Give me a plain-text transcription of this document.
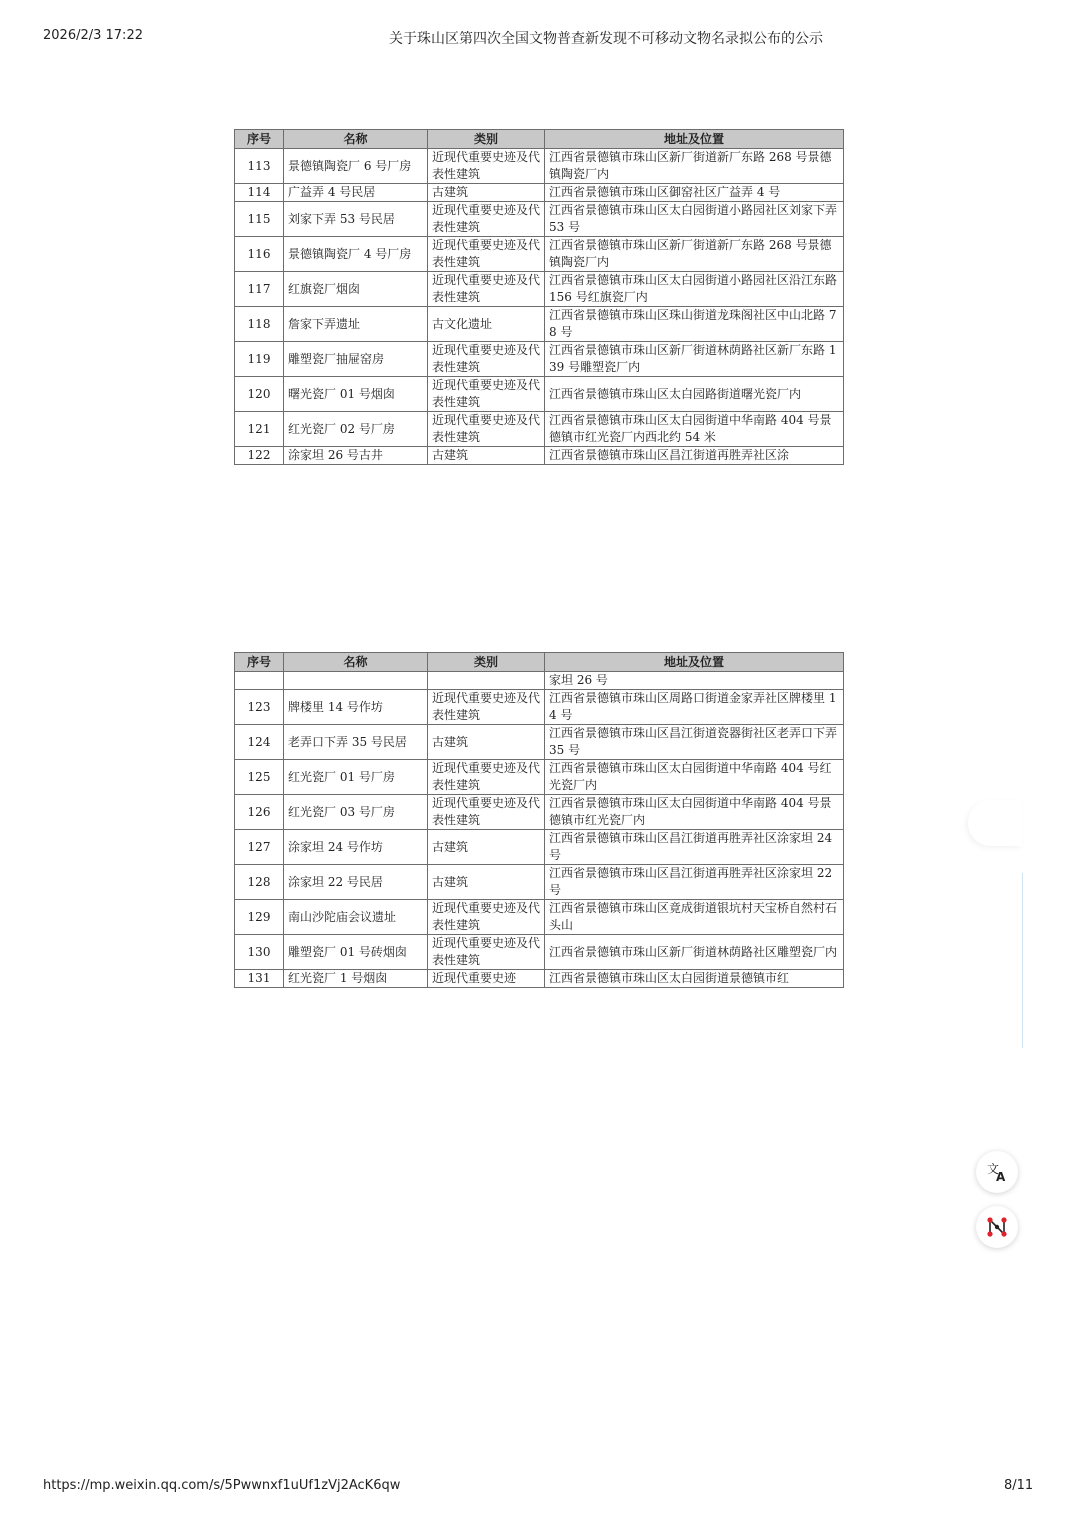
2026/2/3 17:22	关于珠山区第四次全国文物普查新发现不可移动文物名录拟公布的公示
序号	名称	类别	地址及位置
113	景德镇陶瓷厂 6 号厂房	近现代重要史迹及代表性建筑	江西省景德镇市珠山区新厂街道新厂东路 268 号景德镇陶瓷厂内
114	广益弄 4 号民居	古建筑	江西省景德镇市珠山区御窑社区广益弄 4 号
115	刘家下弄 53 号民居	近现代重要史迹及代表性建筑	江西省景德镇市珠山区太白园街道小路园社区刘家下弄 53 号
116	景德镇陶瓷厂 4 号厂房	近现代重要史迹及代表性建筑	江西省景德镇市珠山区新厂街道新厂东路 268 号景德镇陶瓷厂内
117	红旗瓷厂烟囱	近现代重要史迹及代表性建筑	江西省景德镇市珠山区太白园街道小路园社区沿江东路 156 号红旗瓷厂内
118	詹家下弄遗址	古文化遗址	江西省景德镇市珠山区珠山街道龙珠阁社区中山北路 78 号
119	雕塑瓷厂抽屉窑房	近现代重要史迹及代表性建筑	江西省景德镇市珠山区新厂街道林荫路社区新厂东路 139 号雕塑瓷厂内
120	曙光瓷厂 01 号烟囱	近现代重要史迹及代表性建筑	江西省景德镇市珠山区太白园路街道曙光瓷厂内
121	红光瓷厂 02 号厂房	近现代重要史迹及代表性建筑	江西省景德镇市珠山区太白园街道中华南路 404 号景德镇市红光瓷厂内西北约 54 米
122	涂家坦 26 号古井	古建筑	江西省景德镇市珠山区昌江街道再胜弄社区涂
序号	名称	类别	地址及位置
			家坦 26 号
123	牌楼里 14 号作坊	近现代重要史迹及代表性建筑	江西省景德镇市珠山区周路口街道金家弄社区牌楼里 14 号
124	老弄口下弄 35 号民居	古建筑	江西省景德镇市珠山区昌江街道瓷器街社区老弄口下弄 35 号
125	红光瓷厂 01 号厂房	近现代重要史迹及代表性建筑	江西省景德镇市珠山区太白园街道中华南路 404 号红光瓷厂内
126	红光瓷厂 03 号厂房	近现代重要史迹及代表性建筑	江西省景德镇市珠山区太白园街道中华南路 404 号景德镇市红光瓷厂内
127	涂家坦 24 号作坊	古建筑	江西省景德镇市珠山区昌江街道再胜弄社区涂家坦 24 号
128	涂家坦 22 号民居	古建筑	江西省景德镇市珠山区昌江街道再胜弄社区涂家坦 22 号
129	南山沙陀庙会议遗址	近现代重要史迹及代表性建筑	江西省景德镇市珠山区竟成街道银坑村天宝桥自然村石头山
130	雕塑瓷厂 01 号砖烟囱	近现代重要史迹及代表性建筑	江西省景德镇市珠山区新厂街道林荫路社区雕塑瓷厂内
131	红光瓷厂 1 号烟囱	近现代重要史迹	江西省景德镇市珠山区太白园街道景德镇市红
文
A
https://mp.weixin.qq.com/s/5Pwwnxf1uUf1zVj2AcK6qw	8/11
